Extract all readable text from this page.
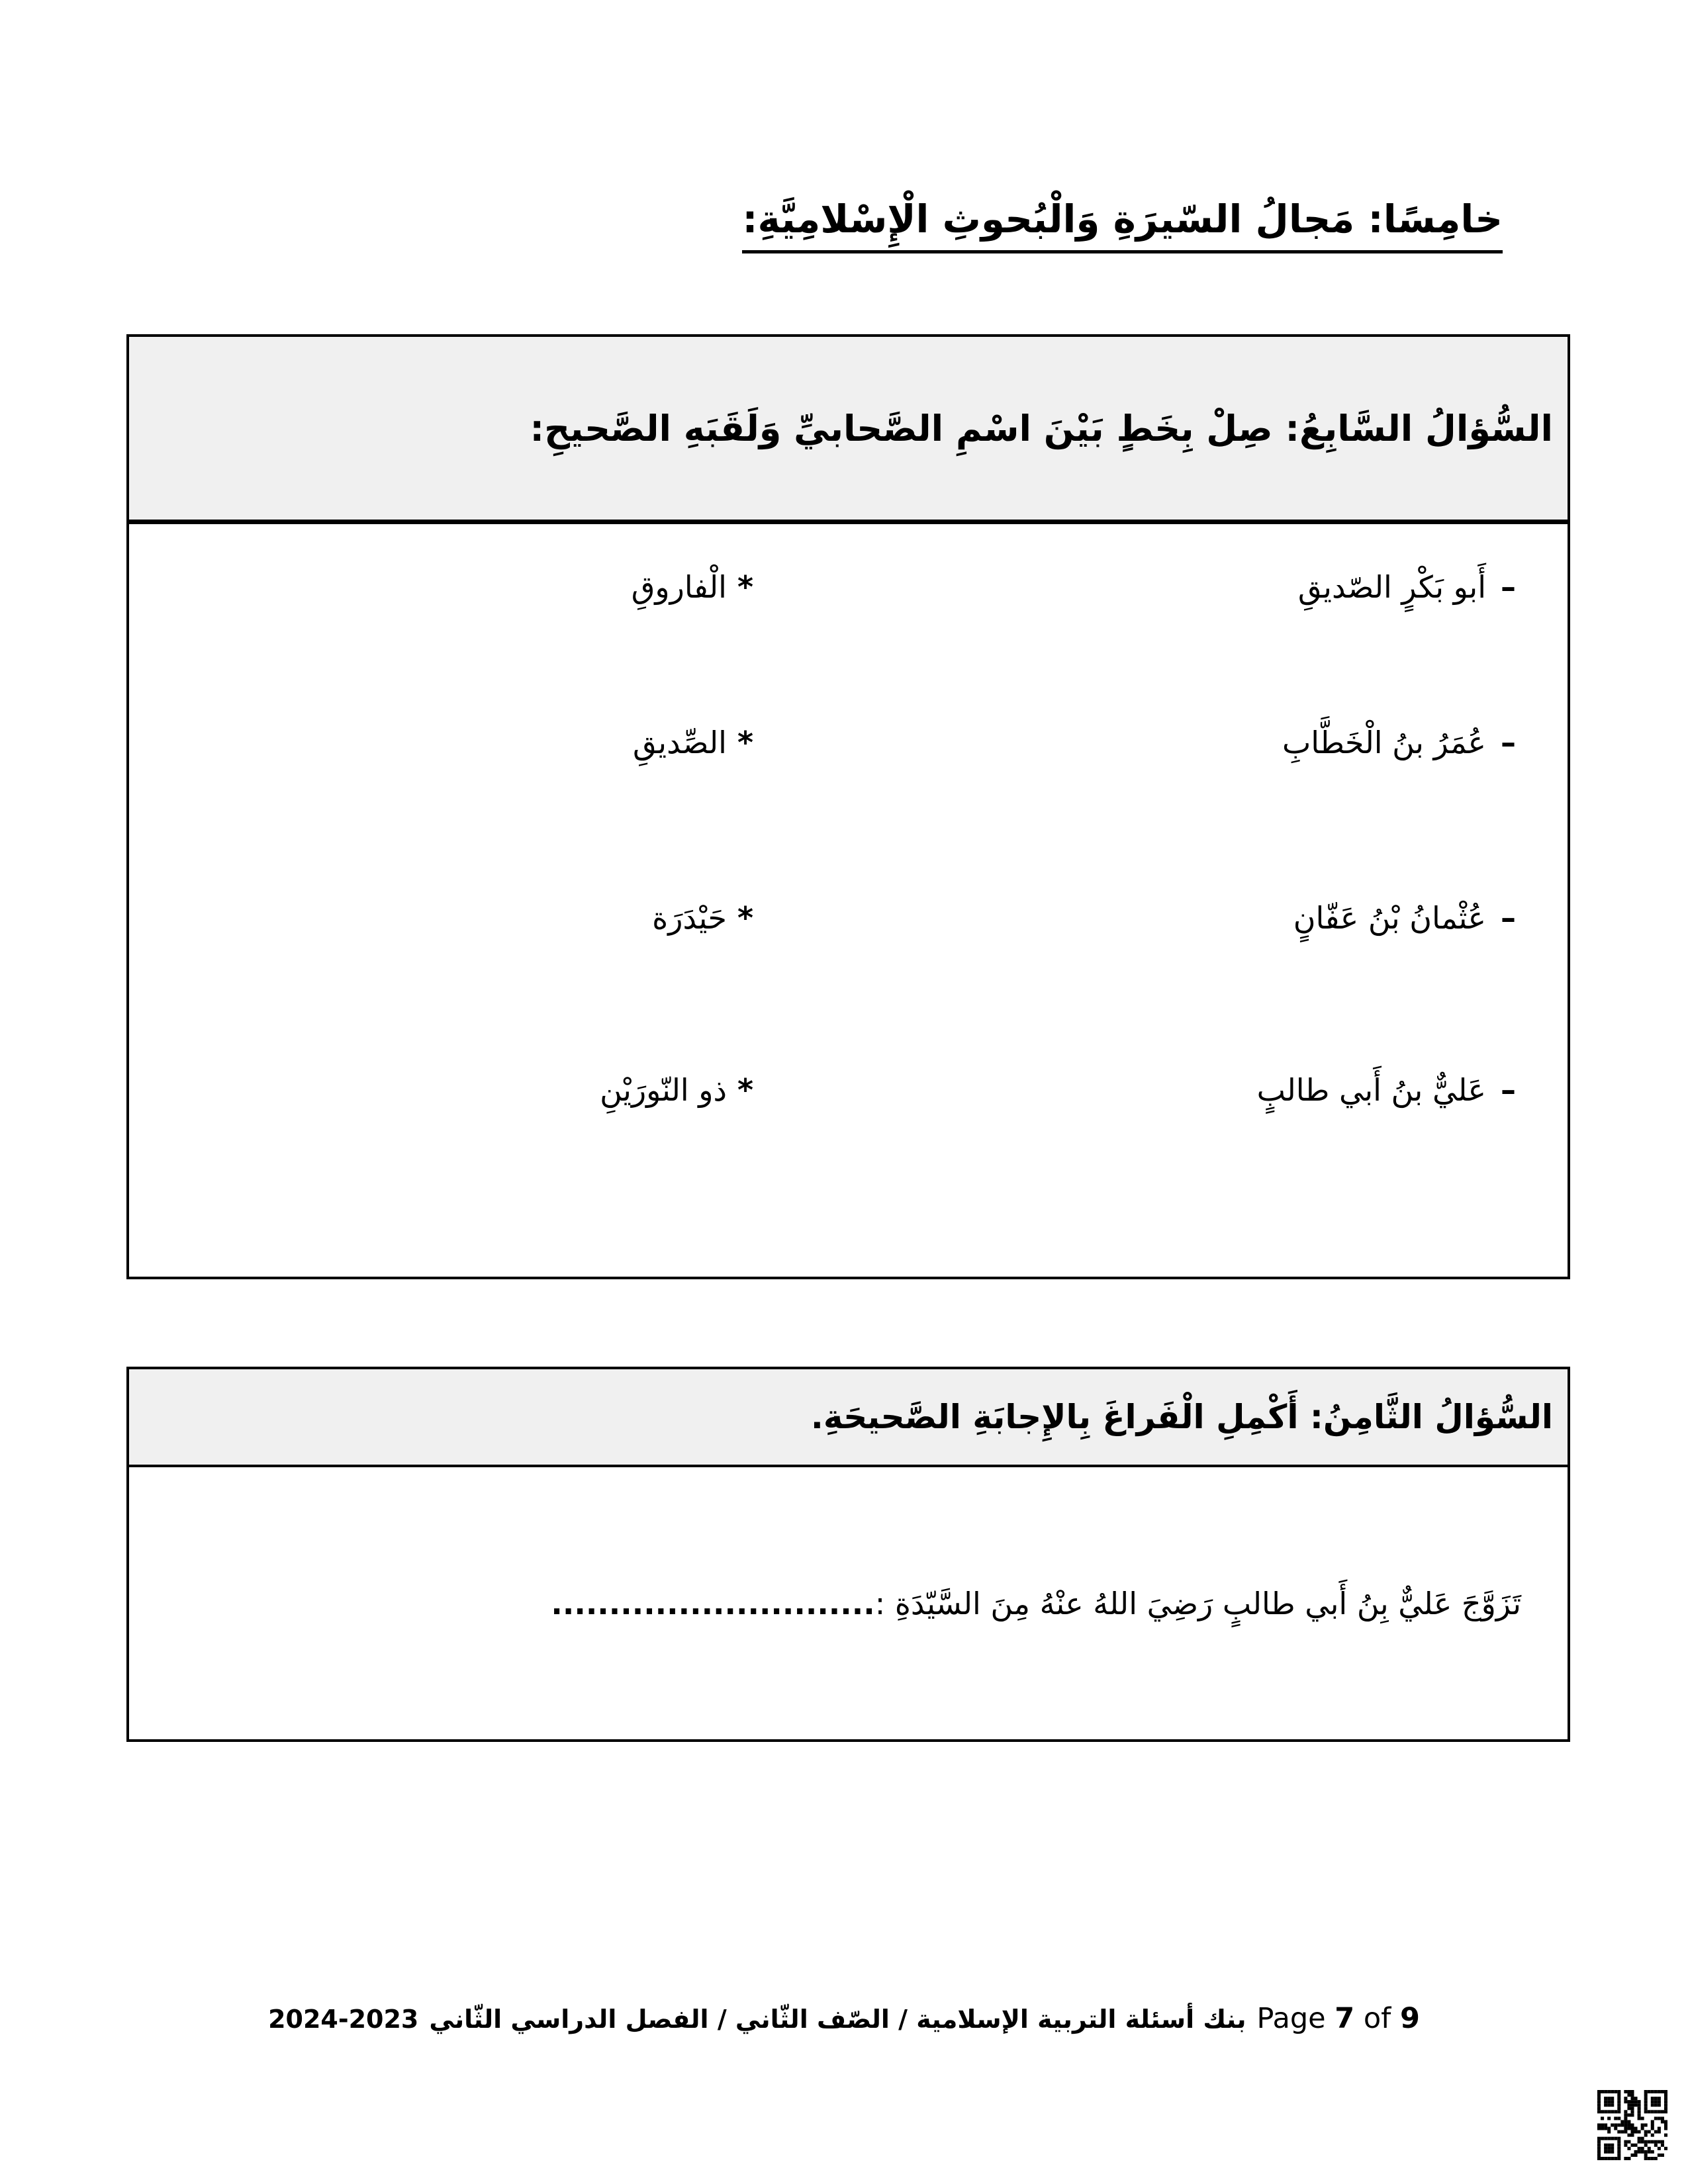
خامِسًا: مَجالُ السّيرَةِ وَالْبُحوثِ الْإِسْلامِيَّةِ:
السُّؤالُ السَّابِعُ: صِلْ بِخَطٍ بَيْنَ اسْمِ الصَّحابيِّ وَلَقَبَهِ الصَّحيحِ:
–أَبو بَكْرٍ الصّديقِ
*الْفاروقِ
–عُمَرُ بنُ الْخَطَّابِ
*الصِّديقِ
–عُثْمانُ بْنُ عَفّانٍ
*حَيْدَرَة
–عَليٌّ بنُ أَبي طالبٍ
*ذو النّورَيْنِ
السُّؤالُ الثَّامِنُ: أَكْمِلِ الْفَراغَ بِالإِجابَةِ الصَّحيحَةِ.
تَزَوَّجَ عَليٌّ بِنُ أَبي طالبٍ رَضِيَ اللهُ عنْهُ مِنَ السَّيّدَةِ :............................
2024-2023 بنك أسئلة التربية الإسلامية / الصّف الثّاني / الفصل الدراسي الثّاني Page 7 of 9
